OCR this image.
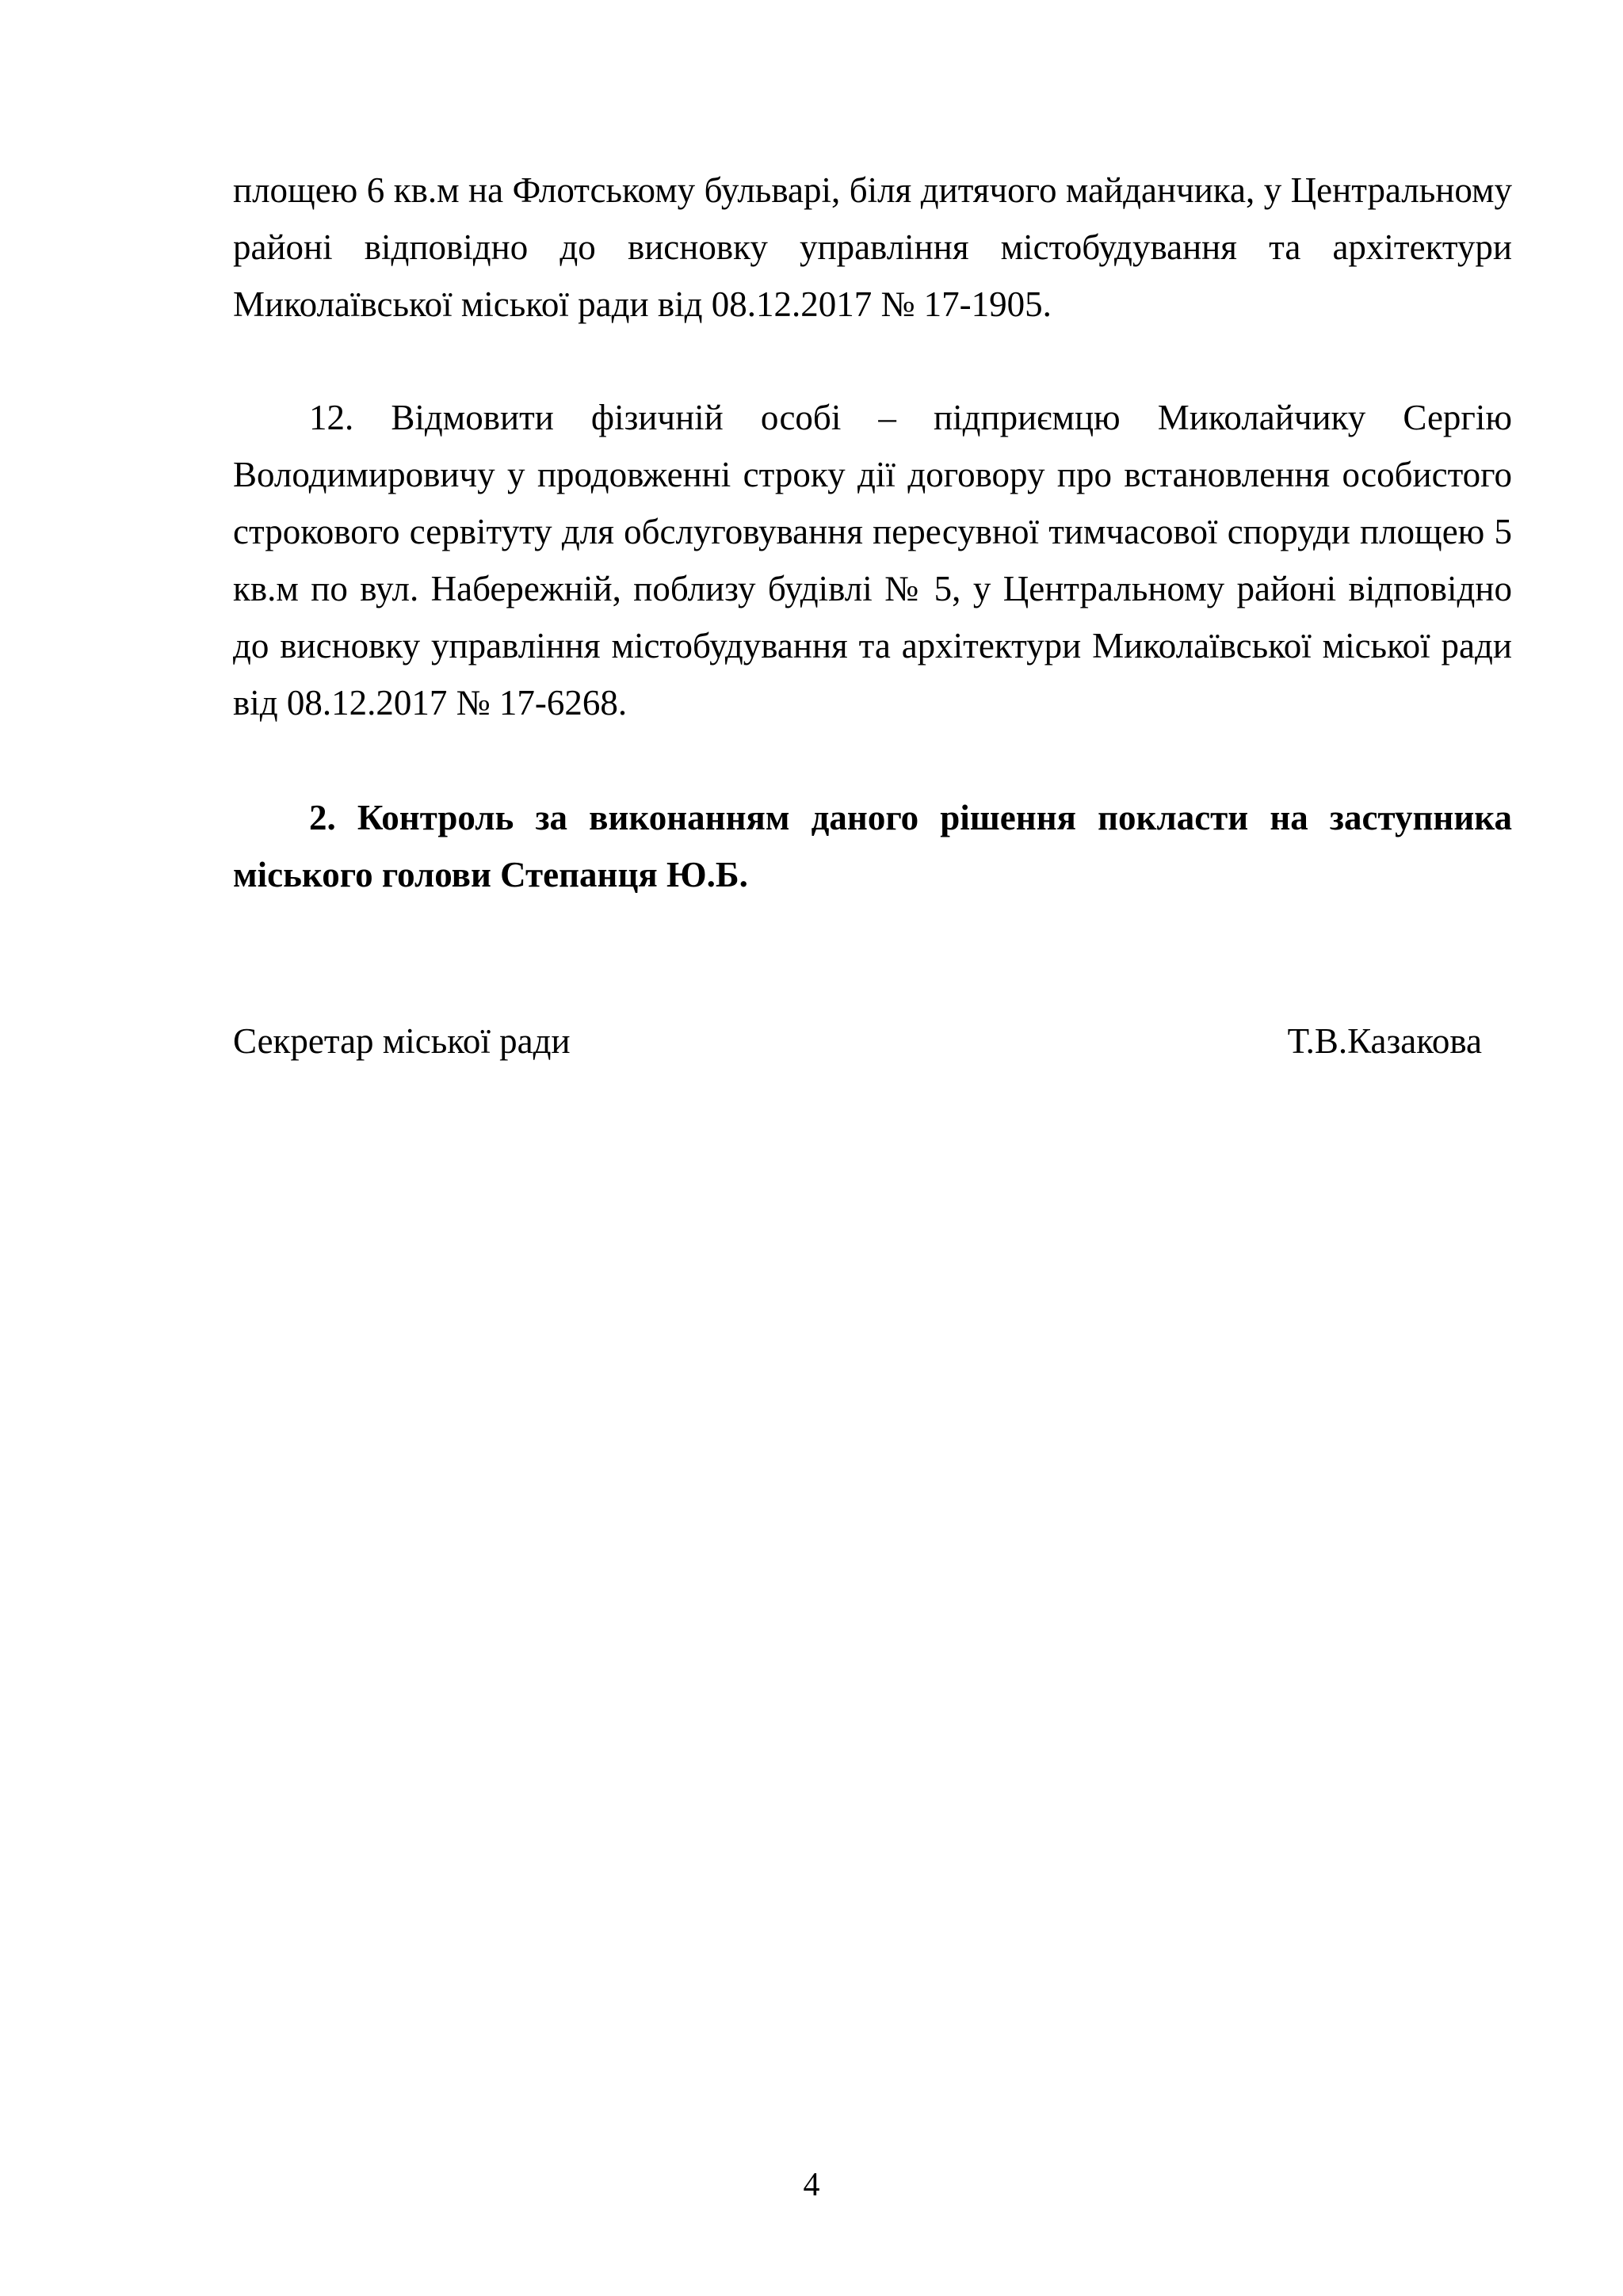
площею 6 кв.м на Флотському бульварі, біля дитячого майданчика, у Центральному районі відповідно до висновку управління містобудування та архітектури Миколаївської міської ради від 08.12.2017 № 17-1905.

12. Відмовити фізичній особі – підприємцю Миколайчику Сергію Володимировичу у продовженні строку дії договору про встановлення особистого строкового сервітуту для обслуговування пересувної тимчасової споруди площею 5 кв.м по вул. Набережній, поблизу будівлі № 5, у Центральному районі відповідно до висновку управління містобудування та архітектури Миколаївської міської ради від 08.12.2017 № 17-6268.

2. Контроль за виконанням даного рішення покласти на заступника міського голови Степанця Ю.Б.

Секретар міської ради	Т.В.Казакова
4
